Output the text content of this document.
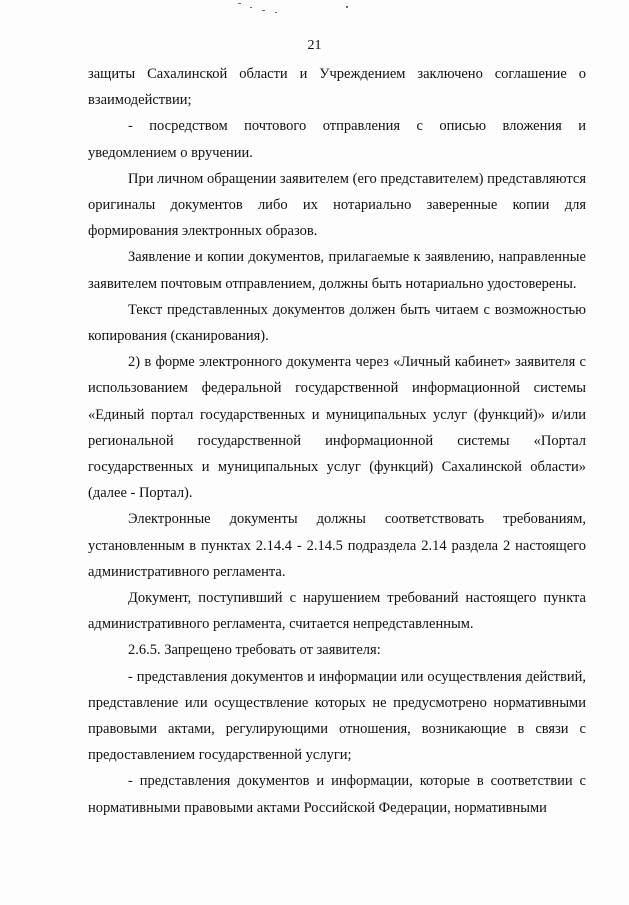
21

защиты Сахалинской области и Учреждением заключено соглашение о взаимодействии;

- посредством почтового отправления с описью вложения и уведомлением о вручении.

При личном обращении заявителем (его представителем) представляются оригиналы документов либо их нотариально заверенные копии для формирования электронных образов.

Заявление и копии документов, прилагаемые к заявлению, направленные заявителем почтовым отправлением, должны быть нотариально удостоверены.

Текст представленных документов должен быть читаем с возможностью копирования (сканирования).

2) в форме электронного документа через «Личный кабинет» заявителя с использованием федеральной государственной информационной системы «Единый портал государственных и муниципальных услуг (функций)» и/или региональной государственной информационной системы «Портал государственных и муниципальных услуг (функций) Сахалинской области» (далее - Портал).

Электронные документы должны соответствовать требованиям, установленным в пунктах 2.14.4 - 2.14.5 подраздела 2.14 раздела 2 настоящего административного регламента.

Документ, поступивший с нарушением требований настоящего пункта административного регламента, считается непредставленным.

2.6.5. Запрещено требовать от заявителя:

- представления документов и информации или осуществления действий, представление или осуществление которых не предусмотрено нормативными правовыми актами, регулирующими отношения, возникающие в связи с предоставлением государственной услуги;

- представления документов и информации, которые в соответствии с нормативными правовыми актами Российской Федерации, нормативными
